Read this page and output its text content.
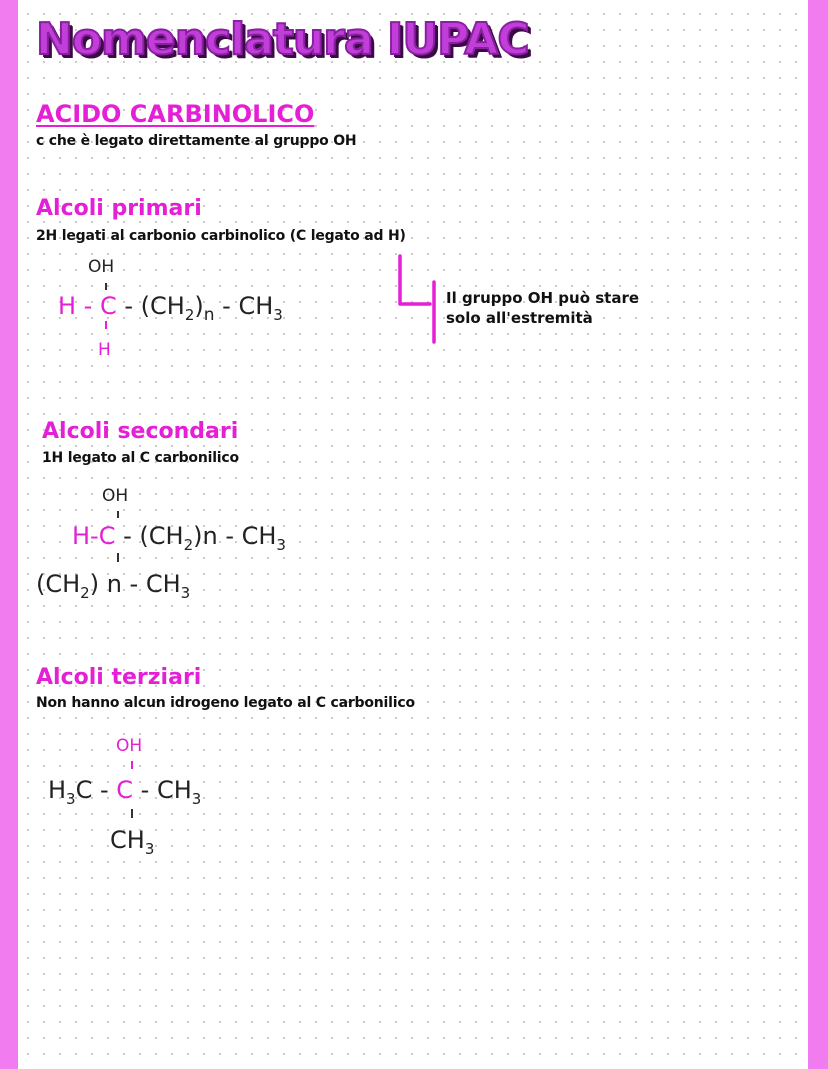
Nomenclatura IUPAC
ACIDO CARBINOLICO
c che è legato direttamente al gruppo OH
Alcoli primari
2H legati al carbonio carbinolico (C legato ad H)
OH
H - C - $(CH_2)_n - CH_3$
H
Il gruppo OH può stare
solo all'estremità
Alcoli secondari
1H legato al C carbonilico
OH
$H-C - (CH_2)n - CH_3$
$(CH_2)$ n - $CH_3$
Alcoli terziari
Non hanno alcun idrogeno legato al C carbonilico
OH
$H_3C$ - C - $CH_3$
$CH_3$
